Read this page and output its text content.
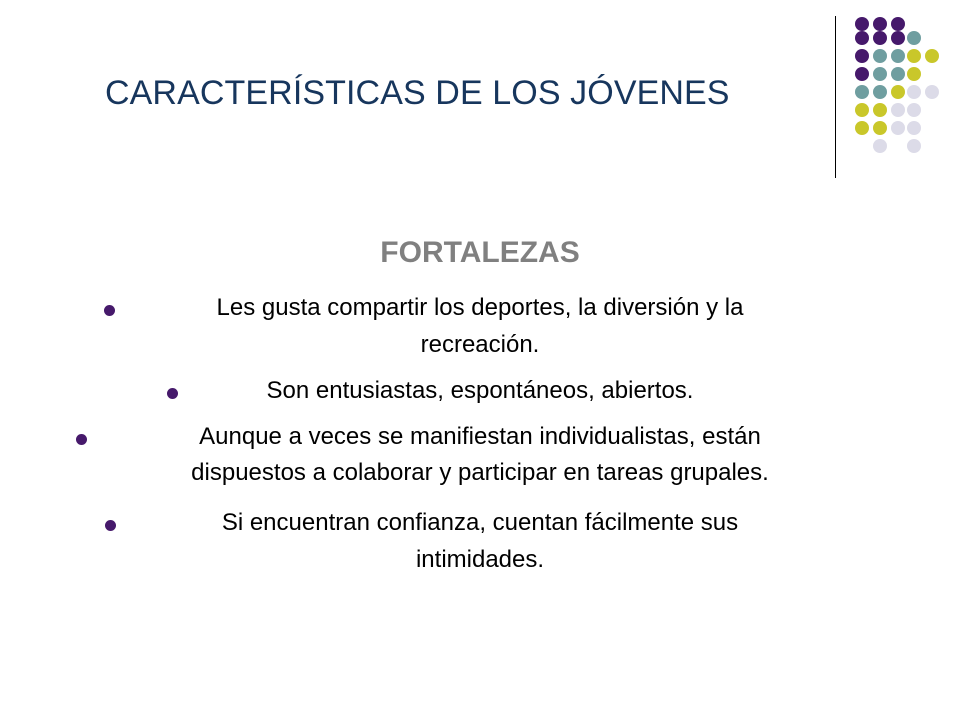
CARACTERÍSTICAS DE LOS JÓVENES
FORTALEZAS
Les gusta compartir los deportes, la diversión y la
recreación.
Son entusiastas, espontáneos, abiertos.
Aunque a veces se manifiestan individualistas, están
dispuestos a colaborar y participar en tareas grupales.
Si encuentran confianza, cuentan fácilmente sus
intimidades.
